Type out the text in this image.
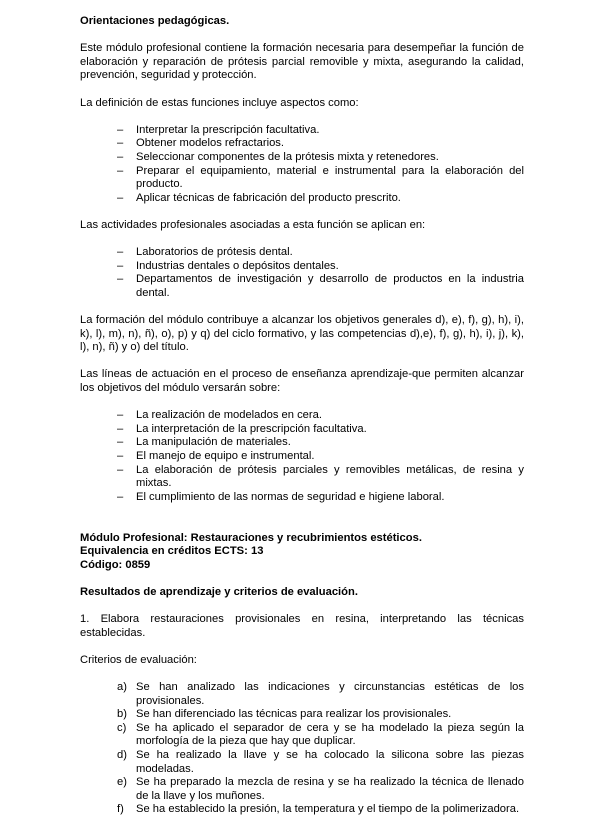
Orientaciones pedagógicas.

Este módulo profesional contiene la formación necesaria para desempeñar la función de elaboración y reparación de prótesis parcial removible y mixta, asegurando la calidad, prevención, seguridad y protección.

La definición de estas funciones incluye aspectos como:

– Interpretar la prescripción facultativa.
– Obtener modelos refractarios.
– Seleccionar componentes de la prótesis mixta y retenedores.
– Preparar el equipamiento, material e instrumental para la elaboración del producto.
– Aplicar técnicas de fabricación del producto prescrito.

Las actividades profesionales asociadas a esta función se aplican en:

– Laboratorios de prótesis dental.
– Industrias dentales o depósitos dentales.
– Departamentos de investigación y desarrollo de productos en la industria dental.

La formación del módulo contribuye a alcanzar los objetivos generales d), e), f), g), h), i), k), l), m), n), ñ), o), p) y q) del ciclo formativo, y las competencias d),e), f), g), h), i), j), k), l), n), ñ) y o) del título.

Las líneas de actuación en el proceso de enseñanza aprendizaje-que permiten alcanzar los objetivos del módulo versarán sobre:

– La realización de modelados en cera.
– La interpretación de la prescripción facultativa.
– La manipulación de materiales.
– El manejo de equipo e instrumental.
– La elaboración de prótesis parciales y removibles metálicas, de resina y mixtas.
– El cumplimiento de las normas de seguridad e higiene laboral.

Módulo Profesional: Restauraciones y recubrimientos estéticos.

Equivalencia en créditos ECTS: 13

Código: 0859

Resultados de aprendizaje y criterios de evaluación.

1. Elabora restauraciones provisionales en resina, interpretando las técnicas establecidas.

Criterios de evaluación:

a) Se han analizado las indicaciones y circunstancias estéticas de los provisionales.
b) Se han diferenciado las técnicas para realizar los provisionales.
c) Se ha aplicado el separador de cera y se ha modelado la pieza según la morfología de la pieza que hay que duplicar.
d) Se ha realizado la llave y se ha colocado la silicona sobre las piezas modeladas.
e) Se ha preparado la mezcla de resina y se ha realizado la técnica de llenado de la llave y los muñones.
f) Se ha establecido la presión, la temperatura y el tiempo de la polimerizadora.
